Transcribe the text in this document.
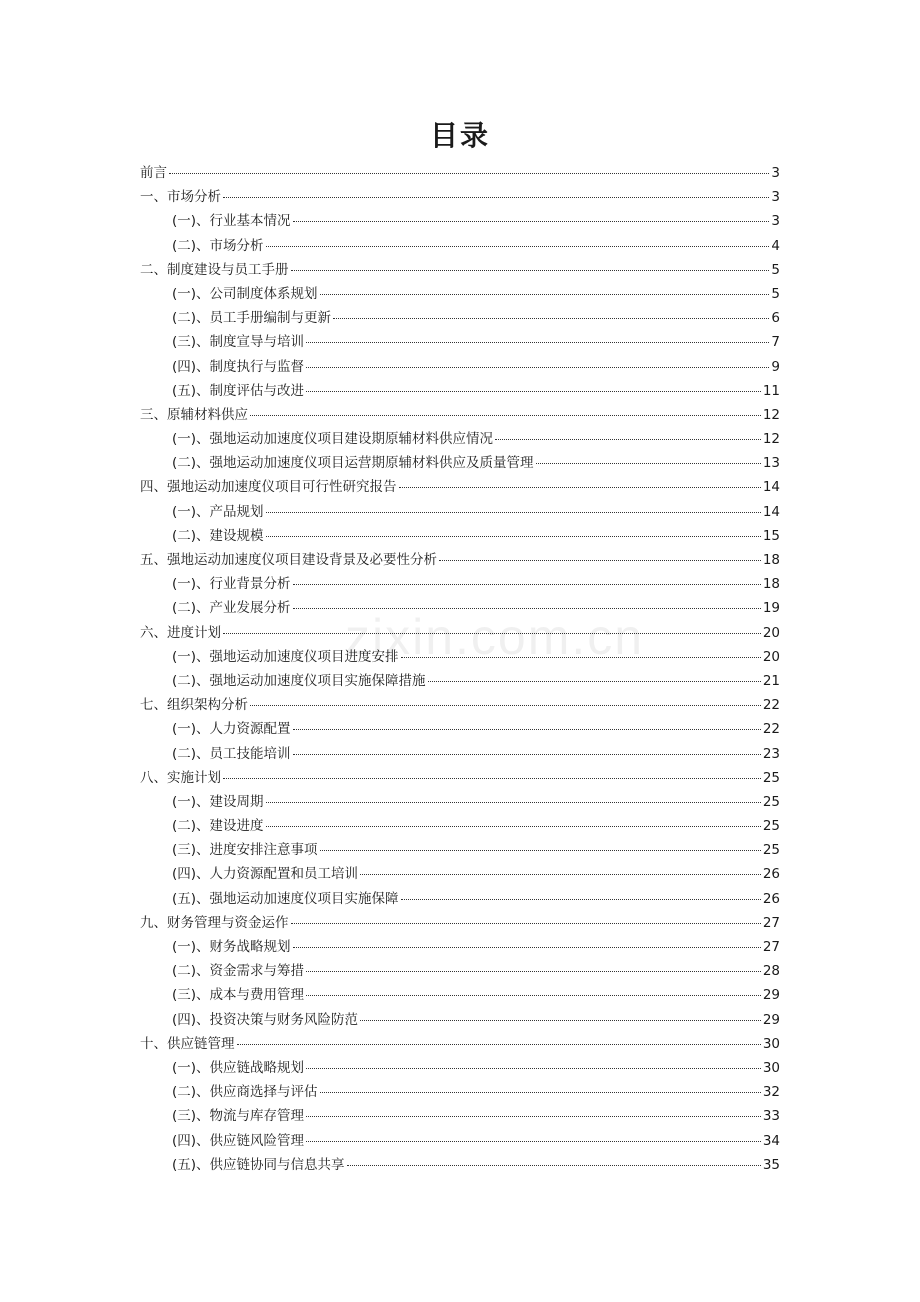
目录
前言	3
一、市场分析	3
(一)、行业基本情况	3
(二)、市场分析	4
二、制度建设与员工手册	5
(一)、公司制度体系规划	5
(二)、员工手册编制与更新	6
(三)、制度宣导与培训	7
(四)、制度执行与监督	9
(五)、制度评估与改进	11
三、原辅材料供应	12
(一)、强地运动加速度仪项目建设期原辅材料供应情况	12
(二)、强地运动加速度仪项目运营期原辅材料供应及质量管理	13
四、强地运动加速度仪项目可行性研究报告	14
(一)、产品规划	14
(二)、建设规模	15
五、强地运动加速度仪项目建设背景及必要性分析	18
(一)、行业背景分析	18
(二)、产业发展分析	19
六、进度计划	20
(一)、强地运动加速度仪项目进度安排	20
(二)、强地运动加速度仪项目实施保障措施	21
七、组织架构分析	22
(一)、人力资源配置	22
(二)、员工技能培训	23
八、实施计划	25
(一)、建设周期	25
(二)、建设进度	25
(三)、进度安排注意事项	25
(四)、人力资源配置和员工培训	26
(五)、强地运动加速度仪项目实施保障	26
九、财务管理与资金运作	27
(一)、财务战略规划	27
(二)、资金需求与筹措	28
(三)、成本与费用管理	29
(四)、投资决策与财务风险防范	29
十、供应链管理	30
(一)、供应链战略规划	30
(二)、供应商选择与评估	32
(三)、物流与库存管理	33
(四)、供应链风险管理	34
(五)、供应链协同与信息共享	35
zixin.com.cn
